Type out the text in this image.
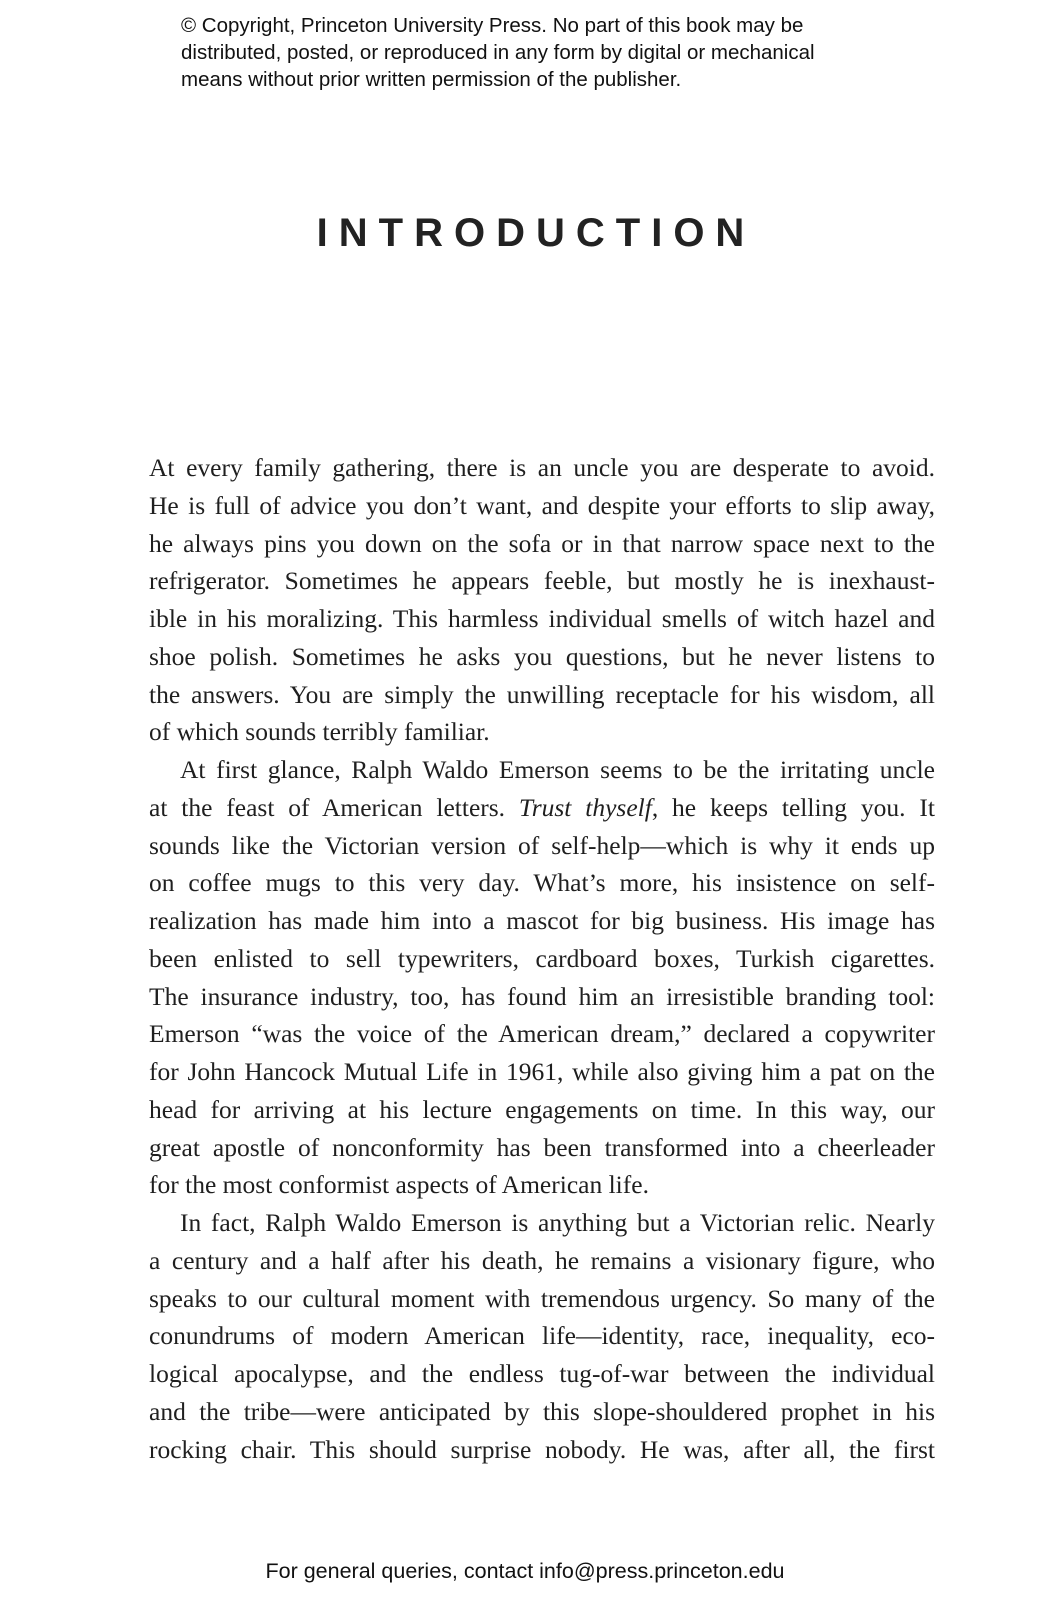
© Copyright, Princeton University Press. No part of this book may be
distributed, posted, or reproduced in any form by digital or mechanical
means without prior written permission of the publisher.
INTRODUCTION
At every family gathering, there is an uncle you are desperate to avoid.
He is full of advice you don’t want, and despite your efforts to slip away,
he always pins you down on the sofa or in that narrow space next to the
refrigerator. Sometimes he appears feeble, but mostly he is inexhaust-
ible in his moralizing. This harmless individual smells of witch hazel and
shoe polish. Sometimes he asks you questions, but he never listens to
the answers. You are simply the unwilling receptacle for his wisdom, all
of which sounds terribly familiar.
At first glance, Ralph Waldo Emerson seems to be the irritating uncle
at the feast of American letters. Trust thyself, he keeps telling you. It
sounds like the Victorian version of self-help—which is why it ends up
on coffee mugs to this very day. What’s more, his insistence on self-
realization has made him into a mascot for big business. His image has
been enlisted to sell typewriters, cardboard boxes, Turkish cigarettes.
The insurance industry, too, has found him an irresistible branding tool:
Emerson “was the voice of the American dream,” declared a copywriter
for John Hancock Mutual Life in 1961, while also giving him a pat on the
head for arriving at his lecture engagements on time. In this way, our
great apostle of nonconformity has been transformed into a cheerleader
for the most conformist aspects of American life.
In fact, Ralph Waldo Emerson is anything but a Victorian relic. Nearly
a century and a half after his death, he remains a visionary figure, who
speaks to our cultural moment with tremendous urgency. So many of the
conundrums of modern American life—identity, race, inequality, eco-
logical apocalypse, and the endless tug-of-war between the individual
and the tribe—were anticipated by this slope-shouldered prophet in his
rocking chair. This should surprise nobody. He was, after all, the first
For general queries, contact info@press.princeton.edu
